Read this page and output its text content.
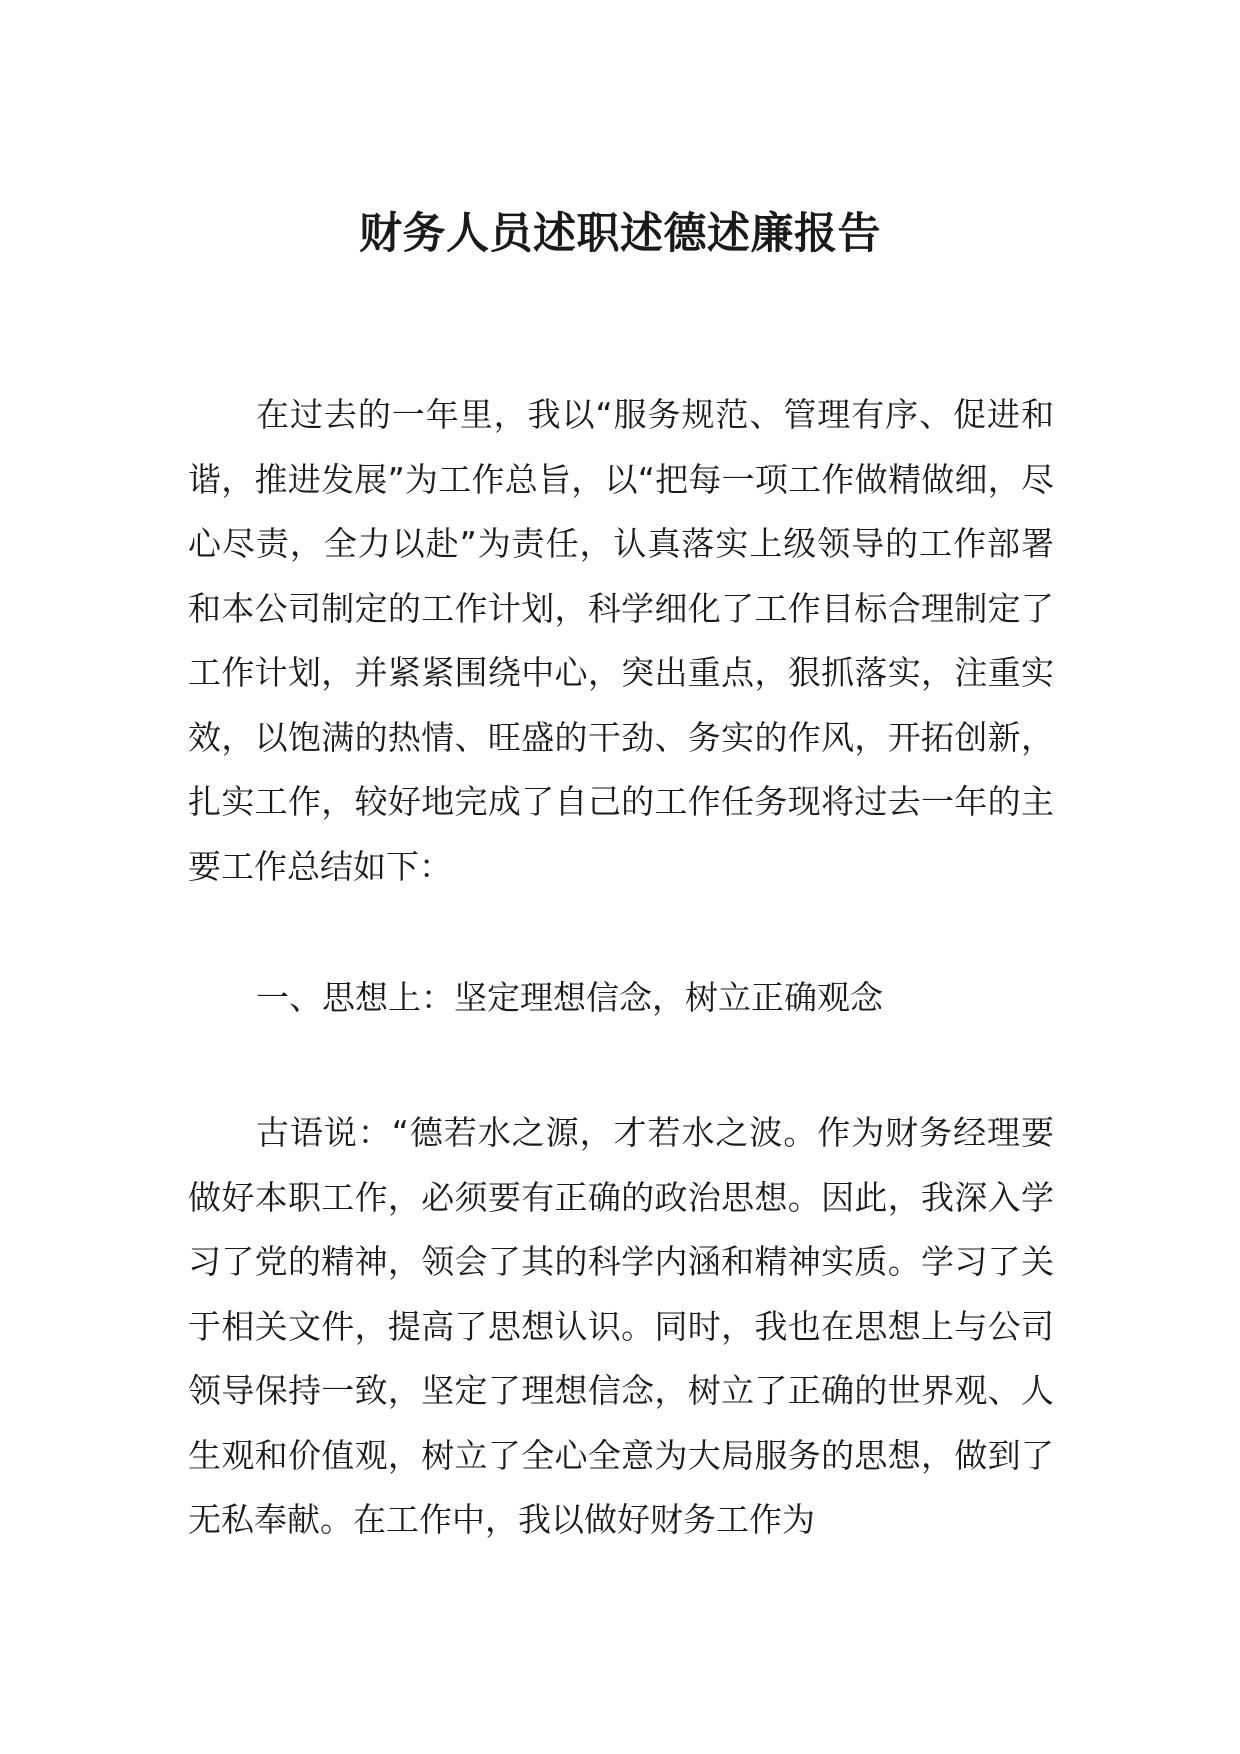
财务人员述职述德述廉报告

在过去的一年里，我以“服务规范、管理有序、促进和谐，推进发展”为工作总旨，以“把每一项工作做精做细，尽心尽责，全力以赴”为责任，认真落实上级领导的工作部署和本公司制定的工作计划，科学细化了工作目标合理制定了工作计划，并紧紧围绕中心，突出重点，狠抓落实，注重实效，以饱满的热情、旺盛的干劲、务实的作风，开拓创新，扎实工作，较好地完成了自己的工作任务现将过去一年的主要工作总结如下：

一、思想上：坚定理想信念，树立正确观念

古语说：“德若水之源，才若水之波。作为财务经理要做好本职工作，必须要有正确的政治思想。因此，我深入学习了党的精神，领会了其的科学内涵和精神实质。学习了关于相关文件，提高了思想认识。同时，我也在思想上与公司领导保持一致，坚定了理想信念，树立了正确的世界观、人生观和价值观，树立了全心全意为大局服务的思想，做到了无私奉献。在工作中，我以做好财务工作为
